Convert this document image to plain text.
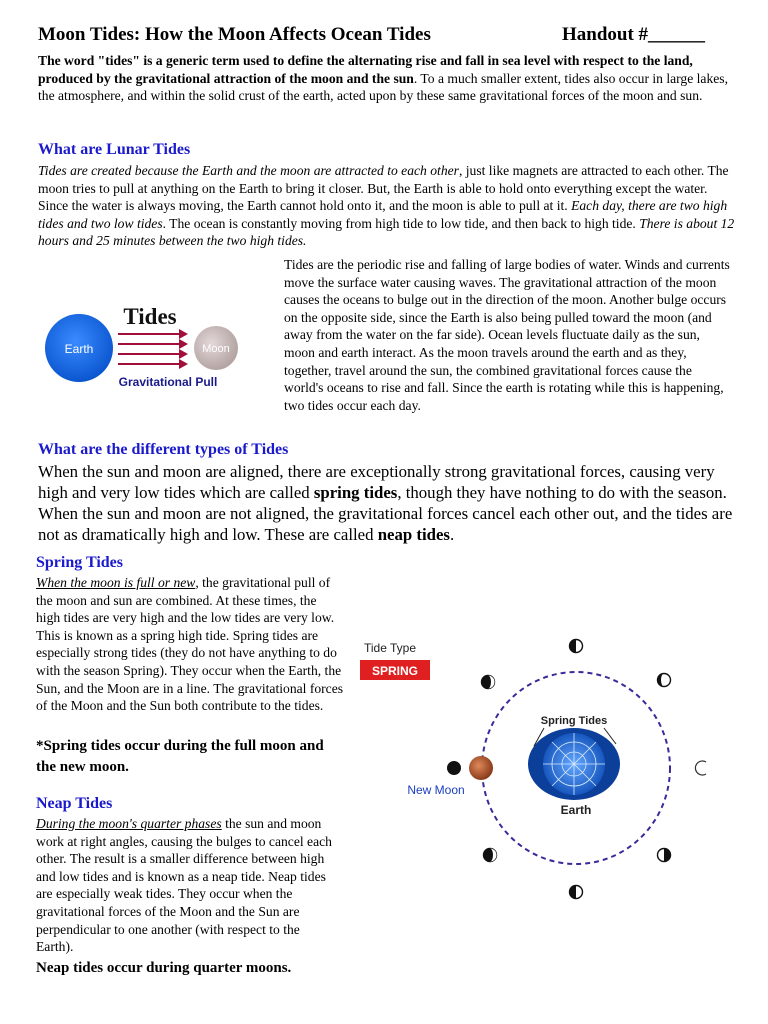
Moon Tides: How the Moon Affects Ocean Tides	Handout #______
The word "tides" is a generic term used to define the alternating rise and fall in sea level with respect to the land, produced by the gravitational attraction of the moon and the sun. To a much smaller extent, tides also occur in large lakes, the atmosphere, and within the solid crust of the earth, acted upon by these same gravitational forces of the moon and sun.
What are Lunar Tides
Tides are created because the Earth and the moon are attracted to each other, just like magnets are attracted to each other. The moon tries to pull at anything on the Earth to bring it closer. But, the Earth is able to hold onto everything except the water. Since the water is always moving, the Earth cannot hold onto it, and the moon is able to pull at it. Each day, there are two high tides and two low tides. The ocean is constantly moving from high tide to low tide, and then back to high tide. There is about 12 hours and 25 minutes between the two high tides.
Earth	Moon
Tides
Gravitational Pull
Tides are the periodic rise and falling of large bodies of water. Winds and currents move the surface water causing waves. The gravitational attraction of the moon causes the oceans to bulge out in the direction of the moon. Another bulge occurs on the opposite side, since the Earth is also being pulled toward the moon (and away from the water on the far side). Ocean levels fluctuate daily as the sun, moon and earth interact. As the moon travels around the earth and as they, together, travel around the sun, the combined gravitational forces cause the world's oceans to rise and fall. Since the earth is rotating while this is happening, two tides occur each day.
What are the different types of Tides
When the sun and moon are aligned, there are exceptionally strong gravitational forces, causing very high and very low tides which are called spring tides, though they have nothing to do with the season. When the sun and moon are not aligned, the gravitational forces cancel each other out, and the tides are not as dramatically high and low. These are called neap tides.
Spring Tides
When the moon is full or new, the gravitational pull of the moon and sun are combined. At these times, the high tides are very high and the low tides are very low. This is known as a spring high tide. Spring tides are especially strong tides (they do not have anything to do with the season Spring). They occur when the Earth, the Sun, and the Moon are in a line. The gravitational forces of the Moon and the Sun both contribute to the tides.
*Spring tides occur during the full moon and the new moon.
Neap Tides
During the moon's quarter phases the sun and moon work at right angles, causing the bulges to cancel each other. The result is a smaller difference between high and low tides and is known as a neap tide. Neap tides are especially weak tides. They occur when the gravitational forces of the Moon and the Sun are perpendicular to one another (with respect to the Earth).
Neap tides occur during quarter moons.
Tide Type
SPRING
Earth
Spring Tides
New Moon
